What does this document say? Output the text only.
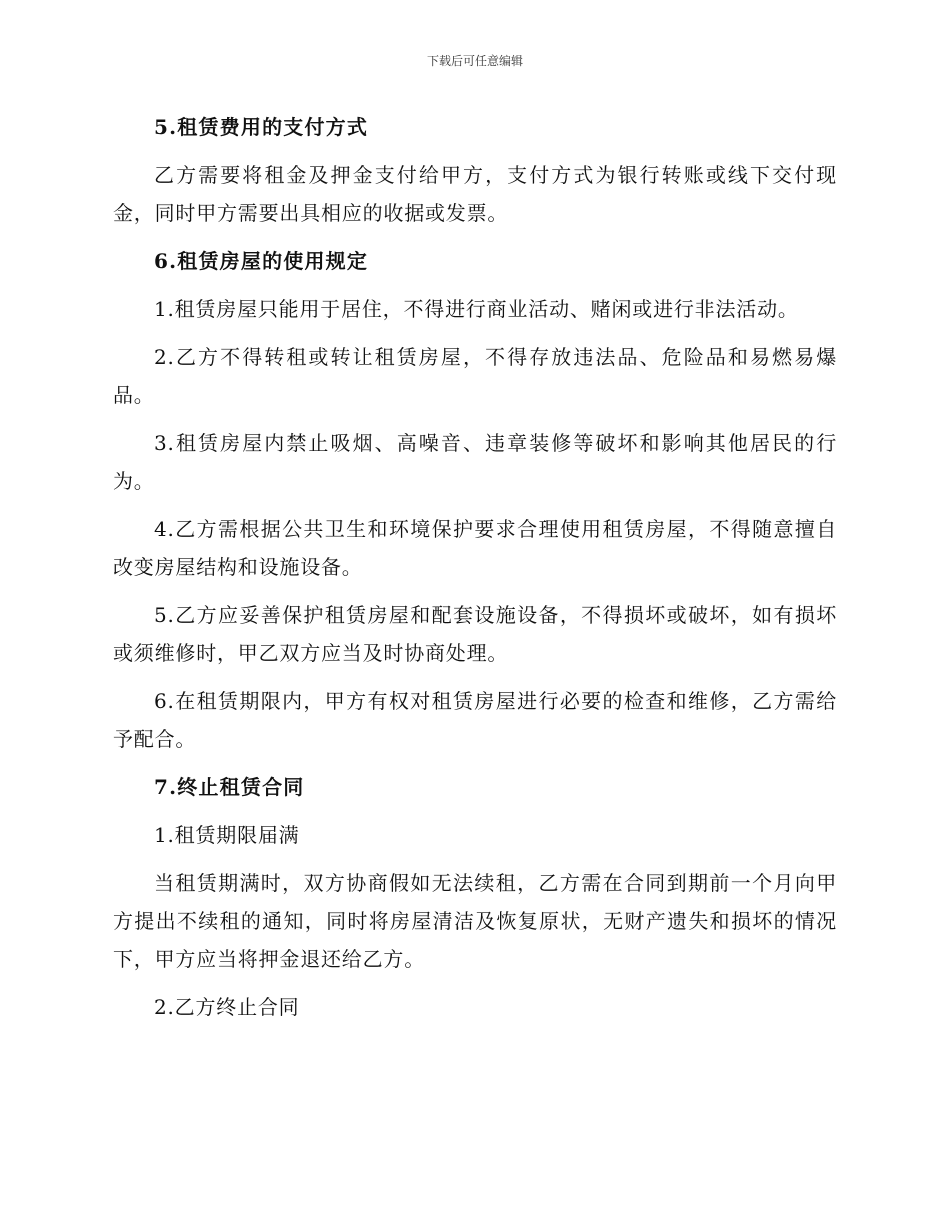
下载后可任意编辑

5.租赁费用的支付方式

乙方需要将租金及押金支付给甲方，支付方式为银行转账或线下交付现金，同时甲方需要出具相应的收据或发票。

6.租赁房屋的使用规定

1.租赁房屋只能用于居住，不得进行商业活动、赌闲或进行非法活动。

2.乙方不得转租或转让租赁房屋，不得存放违法品、危险品和易燃易爆品。

3.租赁房屋内禁止吸烟、高噪音、违章装修等破坏和影响其他居民的行为。

4.乙方需根据公共卫生和环境保护要求合理使用租赁房屋，不得随意擅自改变房屋结构和设施设备。

5.乙方应妥善保护租赁房屋和配套设施设备，不得损坏或破坏，如有损坏或须维修时，甲乙双方应当及时协商处理。

6.在租赁期限内，甲方有权对租赁房屋进行必要的检查和维修，乙方需给予配合。

7.终止租赁合同

1.租赁期限届满

当租赁期满时，双方协商假如无法续租，乙方需在合同到期前一个月向甲方提出不续租的通知，同时将房屋清洁及恢复原状，无财产遗失和损坏的情况下，甲方应当将押金退还给乙方。

2.乙方终止合同
